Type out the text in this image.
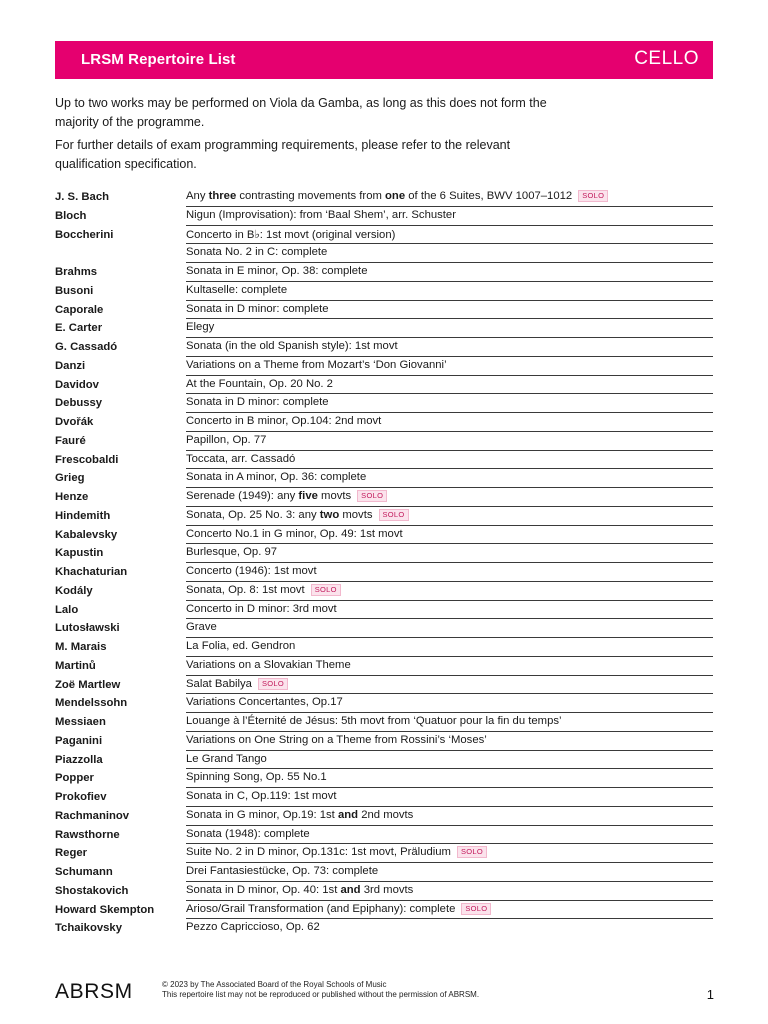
LRSM Repertoire List	CELLO
Up to two works may be performed on Viola da Gamba, as long as this does not form the majority of the programme.
For further details of exam programming requirements, please refer to the relevant qualification specification.
J. S. Bach	Any three contrasting movements from one of the 6 Suites, BWV 1007–1012 SOLO
Bloch	Nigun (Improvisation): from ‘Baal Shem’, arr. Schuster
Boccherini	Concerto in B♭: 1st movt (original version)
Sonata No. 2 in C: complete
Brahms	Sonata in E minor, Op. 38: complete
Busoni	Kultaselle: complete
Caporale	Sonata in D minor: complete
E. Carter	Elegy
G. Cassadó	Sonata (in the old Spanish style): 1st movt
Danzi	Variations on a Theme from Mozart’s ‘Don Giovanni’
Davidov	At the Fountain, Op. 20 No. 2
Debussy	Sonata in D minor: complete
Dvořák	Concerto in B minor, Op.104: 2nd movt
Fauré	Papillon, Op. 77
Frescobaldi	Toccata, arr. Cassadó
Grieg	Sonata in A minor, Op. 36: complete
Henze	Serenade (1949): any five movts SOLO
Hindemith	Sonata, Op. 25 No. 3: any two movts SOLO
Kabalevsky	Concerto No.1 in G minor, Op. 49: 1st movt
Kapustin	Burlesque, Op. 97
Khachaturian	Concerto (1946): 1st movt
Kodály	Sonata, Op. 8: 1st movt SOLO
Lalo	Concerto in D minor: 3rd movt
Lutosławski	Grave
M. Marais	La Folia, ed. Gendron
Martinů	Variations on a Slovakian Theme
Zoë Martlew	Salat Babilya SOLO
Mendelssohn	Variations Concertantes, Op.17
Messiaen	Louange à l’Éternité de Jésus: 5th movt from ‘Quatuor pour la fin du temps’
Paganini	Variations on One String on a Theme from Rossini’s ‘Moses’
Piazzolla	Le Grand Tango
Popper	Spinning Song, Op. 55 No.1
Prokofiev	Sonata in C, Op.119: 1st movt
Rachmaninov	Sonata in G minor, Op.19: 1st and 2nd movts
Rawsthorne	Sonata (1948): complete
Reger	Suite No. 2 in D minor, Op.131c: 1st movt, Präludium SOLO
Schumann	Drei Fantasiestücke, Op. 73: complete
Shostakovich	Sonata in D minor, Op. 40: 1st and 3rd movts
Howard Skempton	Arioso/Grail Transformation (and Epiphany): complete SOLO
Tchaikovsky	Pezzo Capriccioso, Op. 62
ABRSM	© 2023 by The Associated Board of the Royal Schools of Music
This repertoire list may not be reproduced or published without the permission of ABRSM.	1
